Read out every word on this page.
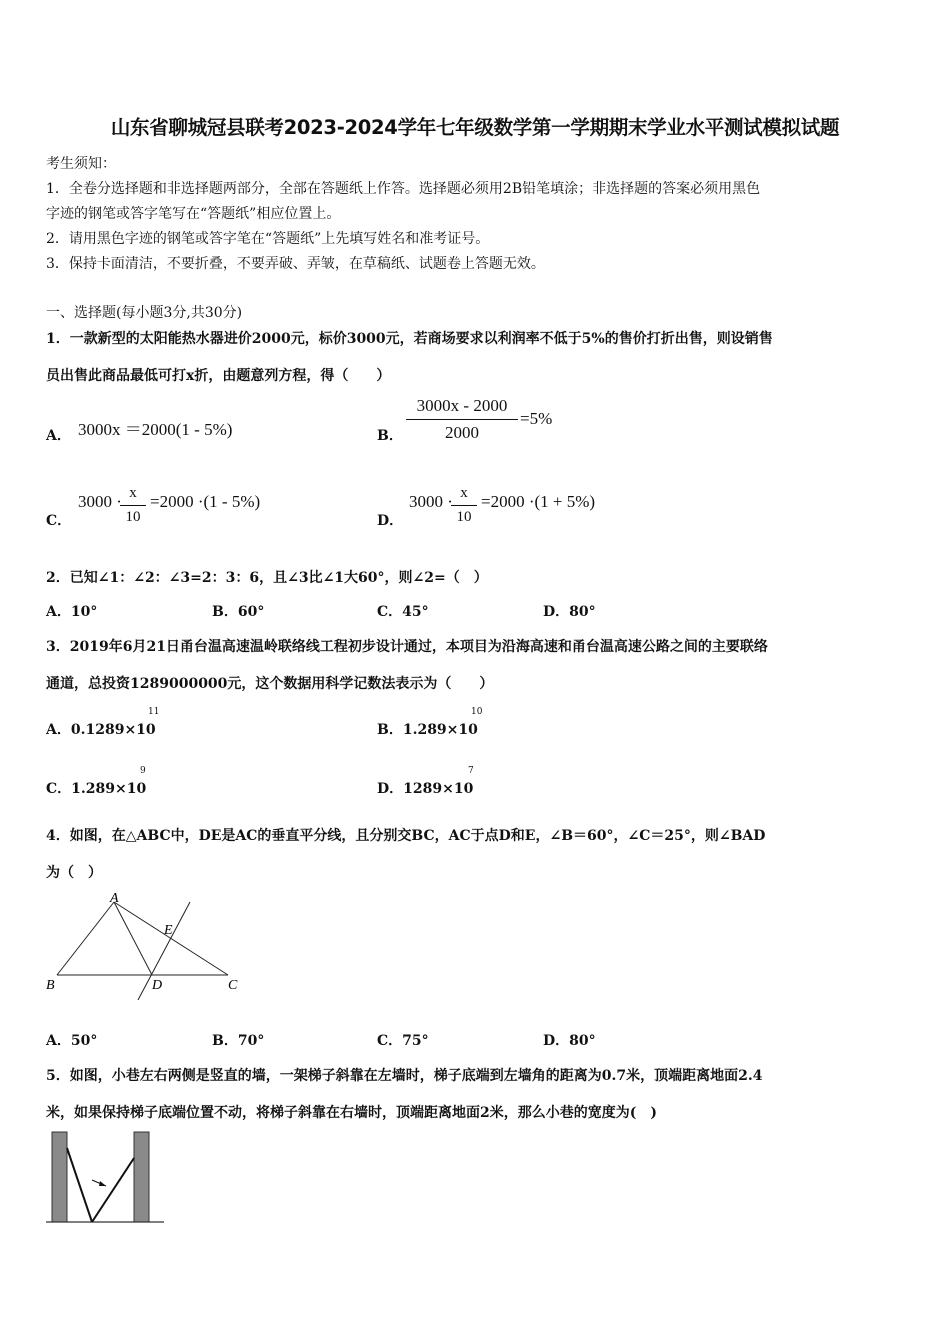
山东省聊城冠县联考2023-2024学年七年级数学第一学期期末学业水平测试模拟试题
考生须知：
1．全卷分选择题和非选择题两部分，全部在答题纸上作答。选择题必须用2B铅笔填涂；非选择题的答案必须用黑色
字迹的钢笔或答字笔写在“答题纸”相应位置上。
2．请用黑色字迹的钢笔或答字笔在“答题纸”上先填写姓名和准考证号。
3．保持卡面清洁，不要折叠，不要弄破、弄皱，在草稿纸、试题卷上答题无效。
一、选择题(每小题3分,共30分)
1．一款新型的太阳能热水器进价2000元，标价3000元，若商场要求以利润率不低于5%的售价打折出售，则设销售
员出售此商品最低可打x折，由题意列方程，得（　　）
A． 3000x ＝2000(1 - 5%)	B．
3000x - 2000
2000
=5%
C．
3000 · x
10
=2000 ·(1 - 5%)
D．
3000 · x
10
=2000 ·(1 + 5%)
2．已知∠1：∠2：∠3=2：3：6，且∠3比∠1大60°，则∠2=（　）
A．10°	B．60°	C．45°	D．80°
3．2019年6月21日甬台温高速温岭联络线工程初步设计通过，本项目为沿海高速和甬台温高速公路之间的主要联络
通道，总投资1289000000元，这个数据用科学记数法表示为（　　）
A．0.1289×10
11
B．1.289×10
10
C．1.289×10
9
D．1289×10
7
4．如图，在△ABC中，DE是AC的垂直平分线，且分别交BC，AC于点D和E，∠B＝60°，∠C＝25°，则∠BAD
为（　）
A
B	D	C
E
A．50°	B．70°	C．75°	D．80°
5．如图，小巷左右两侧是竖直的墙，一架梯子斜靠在左墙时，梯子底端到左墙角的距离为0.7米，顶端距离地面2.4
米，如果保持梯子底端位置不动，将梯子斜靠在右墙时，顶端距离地面2米，那么小巷的宽度为(　)
